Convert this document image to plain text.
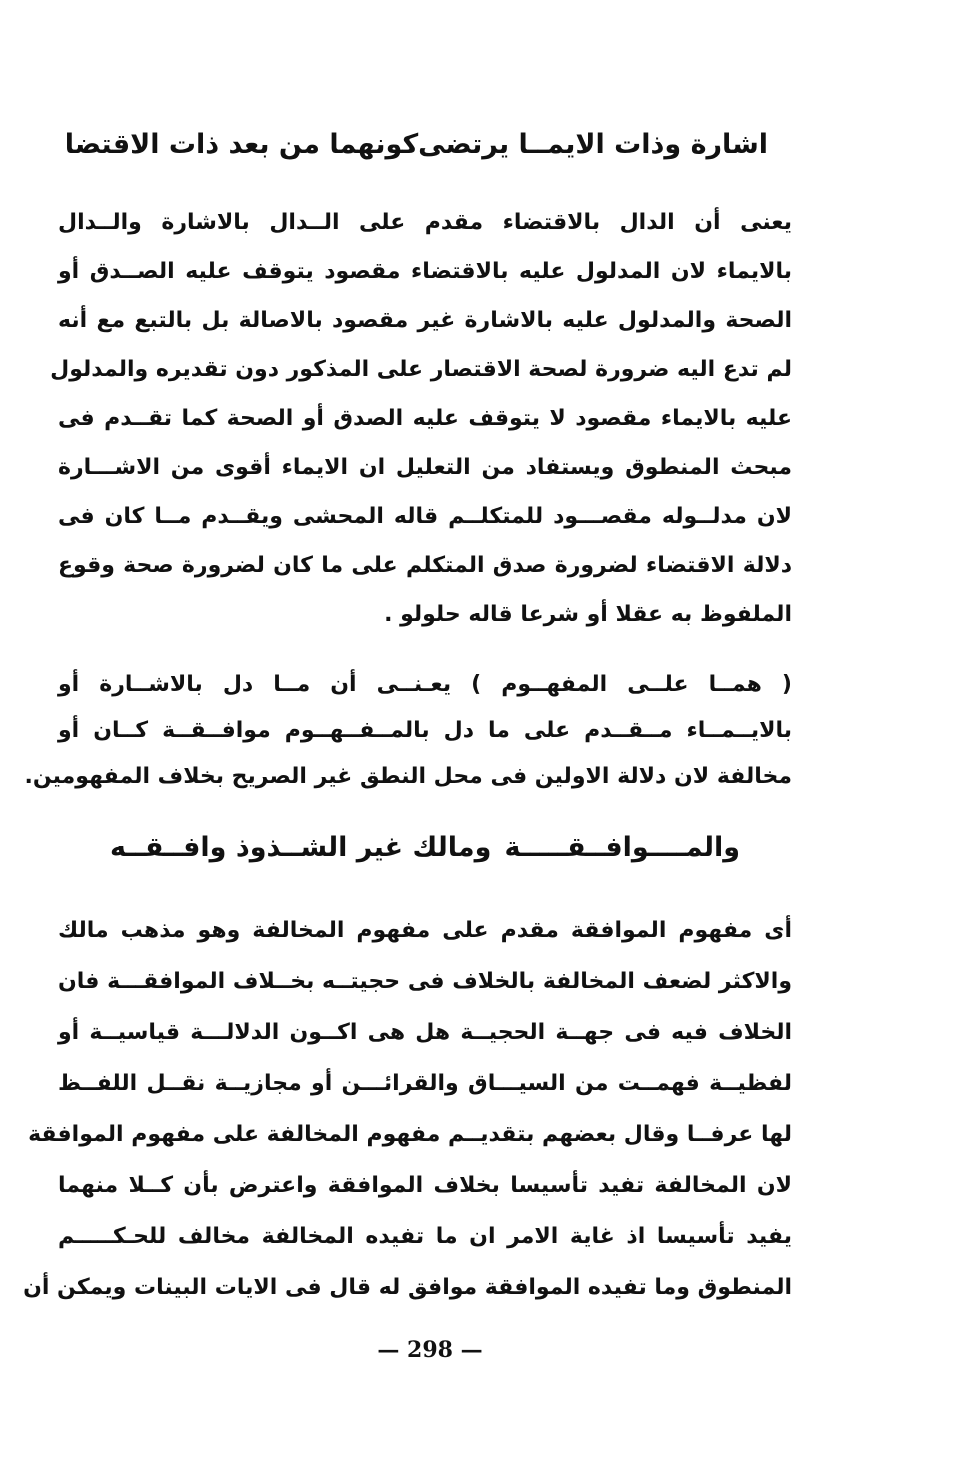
اشارة وذات الايمــا يرتضى
كونهما من بعد ذات الاقتضا
يعنى أن الدال بالاقتضاء مقدم على الــدال بالاشارة والــدال
بالايماء لان المدلول عليه بالاقتضاء مقصود يتوقف عليه الصــدق أو
الصحة والمدلول عليه بالاشارة غير مقصود بالاصالة بل بالتبع مع أنه
لم تدع اليه ضرورة لصحة الاقتصار على المذكور دون تقديره والمدلول
عليه بالايماء مقصود لا يتوقف عليه الصدق أو الصحة كما تقــدم فى
مبحث المنطوق ويستفاد من التعليل ان الايماء أقوى من الاشـــارة
لان مدلــوله مقصـــود للمتكلــم قاله المحشى ويقــدم مــا كان فى
دلالة الاقتضاء لضرورة صدق المتكلم على ما كان لضرورة صحة وقوع
الملفوظ به عقلا أو شرعا قاله حلولو .
( همــا علــى المفهــوم ) يعـنــى أن مــا دل بالاشــارة أو
بالايــمــاء مــقــدم على ما دل بالمــفــهــوم موافــقــة كــان أو
مخالفة لان دلالة الاولين فى محل النطق غير الصريح بخلاف المفهومين.
والمــــوافــقـــــة
ومالك غير الشــذوذ وافــقــه
أى مفهوم الموافقة مقدم على مفهوم المخالفة وهو مذهب مالك
والاكثر لضعف المخالفة بالخلاف فى حجيتــه بخــلاف الموافقـــة فان
الخلاف فيه فى جهــة الحجيــة هل هى اكــون الدلالـــة قياسيــة أو
لفظيــة فهمــت من السيـــاق والقرائـــن أو مجازيــة نقــل اللفــظ
لها عرفــا وقال بعضهم بتقديــم مفهوم المخالفة على مفهوم الموافقة
لان المخالفة تفيد تأسيسا بخلاف الموافقة واعترض بأن كــلا منهما
يفيد تأسيسا اذ غاية الامر ان ما تفيده المخالفة مخالف للحـكـــــم
المنطوق وما تفيده الموافقة موافق له قال فى الايات البينات ويمكن أن
— 298 —
